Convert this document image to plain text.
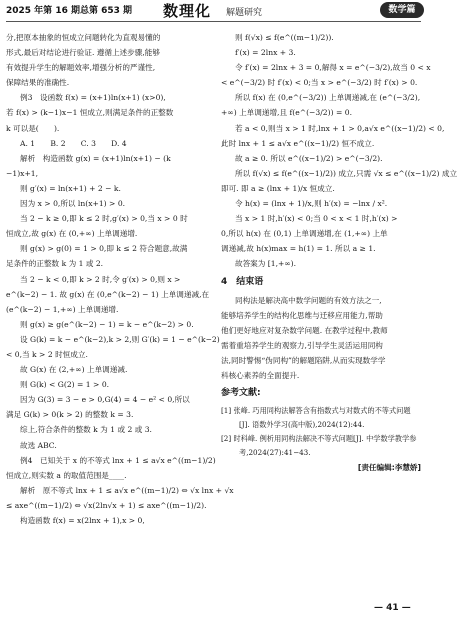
2025 年第 16 期总第 653 期 数理化 解题研究	数学篇

分,把原本抽象的恒成立问题转化为直观易懂的

形式,最后对结论进行验证. 遵循上述步骤,能够

有效提升学生的解题效率,增强分析的严谨性,

保障结果的准确性.

例3　设函数 f(x) = (x+1)ln(x+1) (x>0),

若 f(x) > (k−1)x−1 恒成立,则满足条件的正整数

k 可以是(　　).

A. 1　　B. 2　　C. 3　　D. 4

解析　构造函数 g(x) = (x+1)ln(x+1) − (k

−1)x+1,

则 g′(x) = ln(x+1) + 2 − k.

因为 x > 0,所以 ln(x+1) > 0.

当 2 − k ≥ 0,即 k ≤ 2 时,g′(x) > 0,当 x > 0 时

恒成立,故 g(x) 在 (0,+∞) 上单调递增.

则 g(x) > g(0) = 1 > 0,即 k ≤ 2 符合题意,故满

足条件的正整数 k 为 1 或 2.

当 2 − k < 0,即 k > 2 时,令 g′(x) > 0,则 x >

e^(k−2) − 1. 故 g(x) 在 (0,e^(k−2) − 1) 上单调递减,在

(e^(k−2) − 1,+∞) 上单调递增.

则 g(x) ≥ g(e^(k−2) − 1) = k − e^(k−2) > 0.

设 G(k) = k − e^(k−2),k > 2,则 G′(k) = 1 − e^(k−2)

< 0,当 k > 2 时恒成立.

故 G(x) 在 (2,+∞) 上单调递减.

则 G(k) < G(2) = 1 > 0.

因为 G(3) = 3 − e > 0,G(4) = 4 − e² < 0,所以

满足 G(k) > 0(k > 2) 的整数 k = 3.

综上,符合条件的整数 k 为 1 或 2 或 3.

故选 ABC.

例4　已知关于 x 的不等式 lnx + 1 ≤ a√x e^((m−1)/2)

恒成立,则实数 a 的取值范围是____.

解析　原不等式 lnx + 1 ≤ a√x e^((m−1)/2) ⇔ √x lnx + √x

≤ axe^((m−1)/2) ⇔ √x(2ln√x + 1) ≤ axe^((m−1)/2).

构造函数 f(x) = x(2lnx + 1),x > 0,

则 f(√x) ≤ f(e^((m−1)/2)).

f′(x) = 2lnx + 3.

令 f′(x) = 2lnx + 3 = 0,解得 x = e^(−3/2),故当 0 < x

< e^(−3/2) 时 f′(x) < 0;当 x > e^(−3/2) 时 f′(x) > 0.

所以 f(x) 在 (0,e^(−3/2)) 上单调递减,在 (e^(−3/2),

+∞) 上单调递增,且 f(e^(−3/2)) = 0.

若 a < 0,则当 x > 1 时,lnx + 1 > 0,a√x e^((x−1)/2) < 0,

此时 lnx + 1 ≤ a√x e^((x−1)/2) 恒不成立.

故 a ≥ 0. 所以 e^((x−1)/2) > e^(−3/2).

所以 f(√x) ≤ f(e^((x−1)/2)) 成立,只需 √x ≤ e^((x−1)/2) 成立

即可. 即 a ≥ (lnx + 1)/x 恒成立.

令 h(x) = (lnx + 1)/x,则 h′(x) = −lnx / x².

当 x > 1 时,h′(x) < 0;当 0 < x < 1 时,h′(x) >

0,所以 h(x) 在 (0,1) 上单调递增,在 (1,+∞) 上单

调递减,故 h(x)max = h(1) = 1. 所以 a ≥ 1.

故答案为 [1,+∞).

4　结束语

同构法是解决高中数学问题的有效方法之一,

能够培养学生的结构化思维与迁移应用能力,帮助

他们更好地应对复杂数学问题. 在教学过程中,教师

需着重培养学生的观察力,引导学生灵活运用同构

法,同时警惕“伪同构”的解题陷阱,从而实现数学学

科核心素养的全面提升.

参考文献:

[1] 张峰. 巧用同构法解答含有指数式与对数式的不等式问题[J]. 语数外学习(高中版),2024(12):44.

[2] 时科峰. 例析用同构法解决不等式问题[J]. 中学数学教学参考,2024(27):41−43.

[责任编辑:李慧娇]

— 41 —
